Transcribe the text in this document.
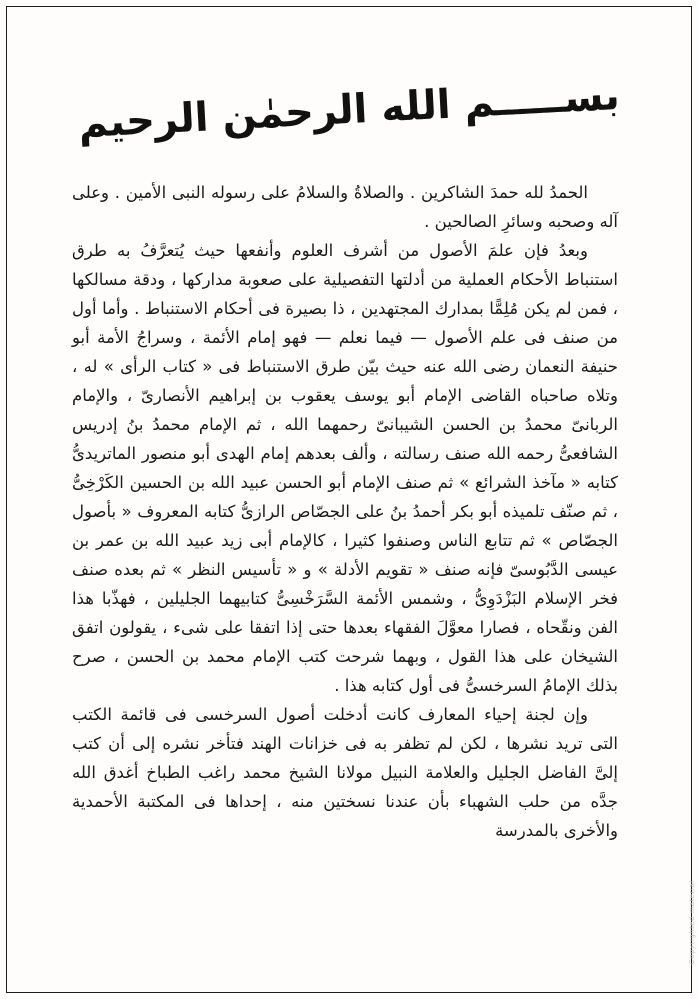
بســـــم الله الرحمٰن الرحيم

الحمدُ لله حمدَ الشاكرين . والصلاةُ والسلامُ على رسوله النبى الأمين . وعلى آله وصحبه وسائرِ الصالحين .

وبعدُ فإن علمَ الأصول من أشرف العلوم وأنفعها حيث يُتعرَّفُ به طرق استنباط الأحكام العملية من أدلتها التفصيلية على صعوبة مداركها ، ودقة مسالكها ، فمن لم يكن مُلِمًّا بمدارك المجتهدين ، ذا بصيرة فى أحكام الاستنباط . وأما أول من صنف فى علم الأصول — فيما نعلم — فهو إمام الأئمة ، وسراجُ الأمة أبو حنيفة النعمان رضى الله عنه حيث بيّن طرق الاستنباط فى « كتاب الرأى » له ، وتلاه صاحباه القاضى الإمام أبو يوسف يعقوب بن إبراهيم الأنصارىّ ، والإمام الربانىّ محمدُ بن الحسن الشيبانىّ رحمهما الله ، ثم الإمام محمدُ بنُ إدريس الشافعىُّ رحمه الله صنف رسالته ، وألف بعدهم إمام الهدى أبو منصور الماتريدىُّ كتابه « مآخذ الشرائع » ثم صنف الإمام أبو الحسن عبيد الله بن الحسين الكَرْخِىُّ ، ثم صنّف تلميذه أبو بكر أحمدُ بنُ على الجصّاص الرازىُّ كتابه المعروف « بأصول الجصّاص » ثم تتابع الناس وصنفوا كثيرا ، كالإمام أبى زيد عبيد الله بن عمر بن عيسى الدَّبُوسىّ فإنه صنف « تقويم الأدلة » و « تأسيس النظر » ثم بعده صنف فخر الإسلام البَزْدَوِىُّ ، وشمس الأئمة السَّرَخْسِىُّ كتابيهما الجليلين ، فهذّبا هذا الفن ونقّحاه ، فصارا معوَّلَ الفقهاء بعدها حتى إذا اتفقا على شىء ، يقولون اتفق الشيخان على هذا القول ، وبهما شرحت كتب الإمام محمد بن الحسن ، صرح بذلك الإمامُ السرخسىُّ فى أول كتابه هذا .

وإن لجنة إحياء المعارف كانت أدخلت أصول السرخسى فى قائمة الكتب التى تريد نشرها ، لكن لم تظفر به فى خزانات الهند فتأخر نشره إلى أن كتب إلىَّ الفاضل الجليل والعلامة النبيل مولانا الشيخ محمد راغب الطباخ أغدق الله جدَّه من حلب الشهباء بأن عندنا نسختين منه ، إحداها فى المكتبة الأحمدية والأخرى بالمدرسة

Copyrighted material
